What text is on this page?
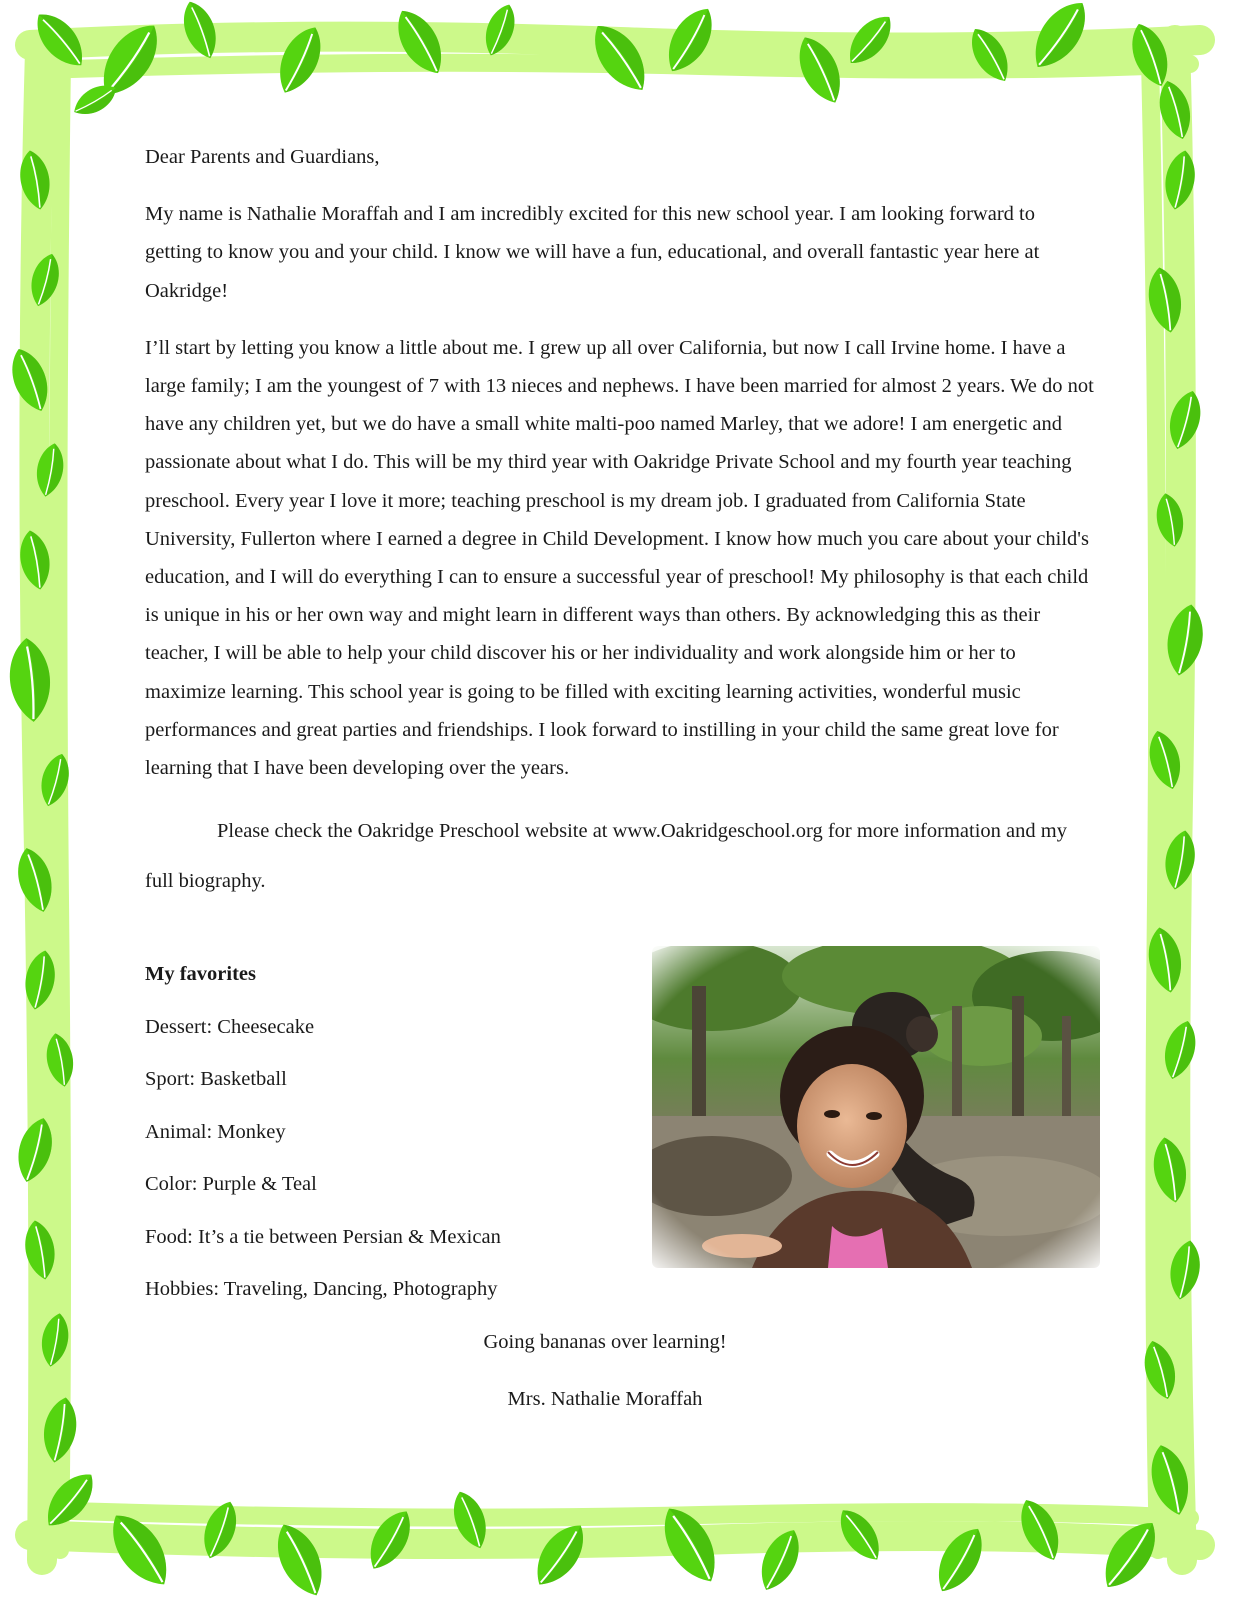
Dear Parents and Guardians,

My name is Nathalie Moraffah and I am incredibly excited for this new school year. I am looking forward to getting to know you and your child. I know we will have a fun, educational, and overall fantastic year here at Oakridge!

I’ll start by letting you know a little about me. I grew up all over California, but now I call Irvine home. I have a large family; I am the youngest of 7 with 13 nieces and nephews. I have been married for almost 2 years. We do not have any children yet, but we do have a small white malti-poo named Marley, that we adore! I am energetic and passionate about what I do. This will be my third year with Oakridge Private School and my fourth year teaching preschool. Every year I love it more; teaching preschool is my dream job. I graduated from California State University, Fullerton where I earned a degree in Child Development. I know how much you care about your child's education, and I will do everything I can to ensure a successful year of preschool! My philosophy is that each child is unique in his or her own way and might learn in different ways than others. By acknowledging this as their teacher, I will be able to help your child discover his or her individuality and work alongside him or her to maximize learning. This school year is going to be filled with exciting learning activities, wonderful music performances and great parties and friendships. I look forward to instilling in your child the same great love for learning that I have been developing over the years.

Please check the Oakridge Preschool website at www.Oakridgeschool.org for more information and my full biography.

My favorites
Dessert: Cheesecake
Sport: Basketball
Animal: Monkey
Color: Purple & Teal
Food: It’s a tie between Persian & Mexican
Hobbies: Traveling, Dancing, Photography
Going bananas over learning!
Mrs. Nathalie Moraffah
